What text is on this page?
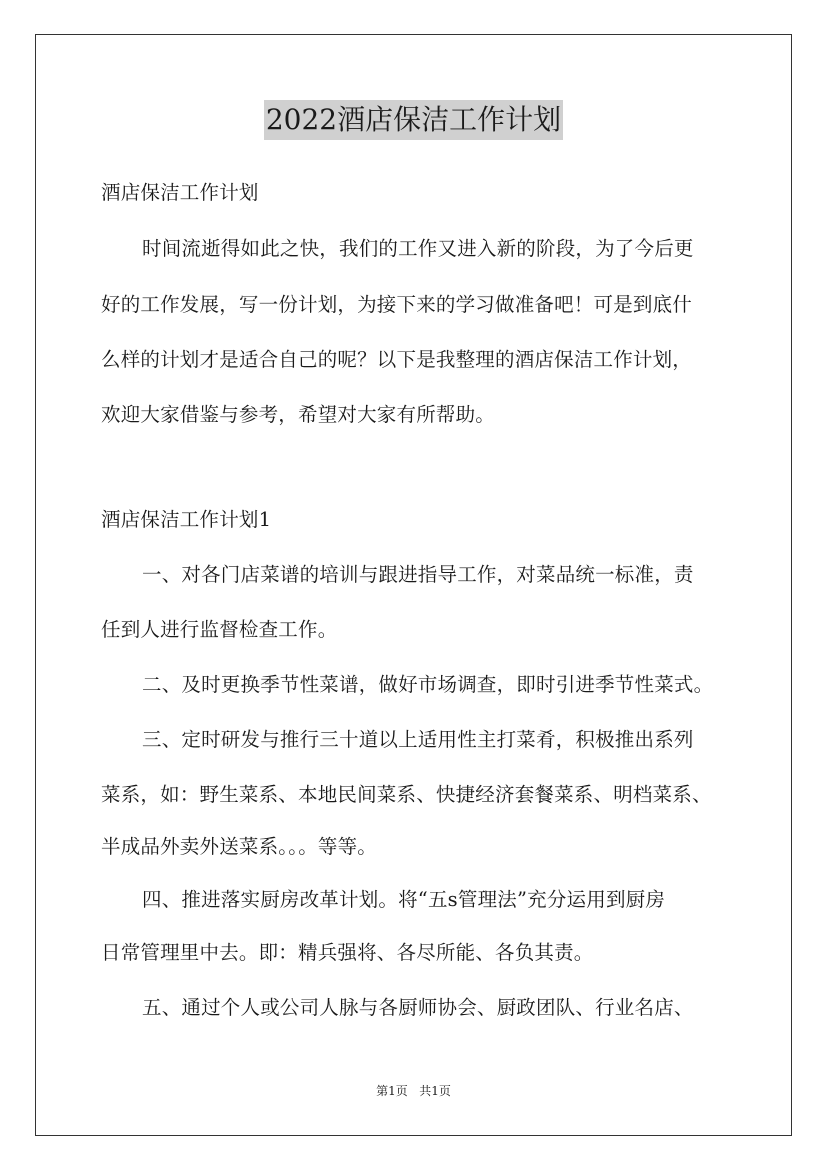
2022酒店保洁工作计划
酒店保洁工作计划
时间流逝得如此之快，我们的工作又进入新的阶段，为了今后更
好的工作发展，写一份计划，为接下来的学习做准备吧！可是到底什
么样的计划才是适合自己的呢？以下是我整理的酒店保洁工作计划，
欢迎大家借鉴与参考，希望对大家有所帮助。
酒店保洁工作计划1
一、对各门店菜谱的培训与跟进指导工作，对菜品统一标准，责
任到人进行监督检查工作。
二、及时更换季节性菜谱，做好市场调查，即时引进季节性菜式。
三、定时研发与推行三十道以上适用性主打菜肴，积极推出系列
菜系，如：野生菜系、本地民间菜系、快捷经济套餐菜系、明档菜系、
半成品外卖外送菜系。。。等等。
四、推进落实厨房改革计划。将“五s管理法”充分运用到厨房
日常管理里中去。即：精兵强将、各尽所能、各负其责。
五、通过个人或公司人脉与各厨师协会、厨政团队、行业名店、
第1页   共1页
